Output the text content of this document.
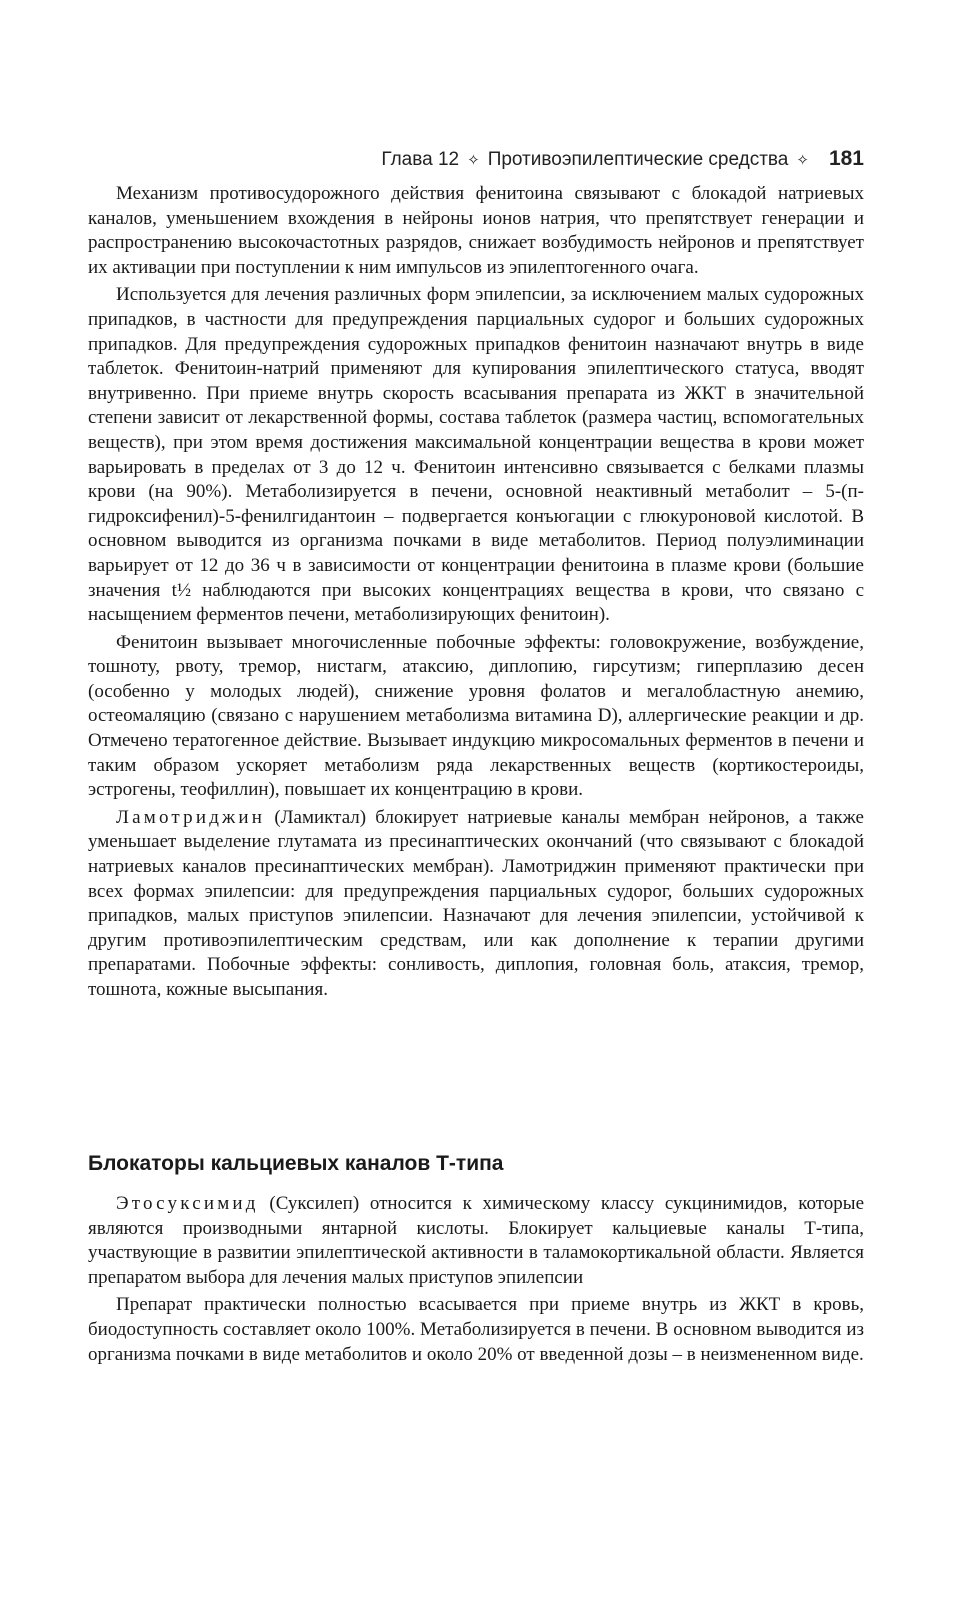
Глава 12 ✧ Противоэпилептические средства ✧ 181

Механизм противосудорожного действия фенитоина связывают с блокадой натриевых каналов, уменьшением вхождения в нейроны ионов натрия, что препятствует генерации и распространению высокочастотных разрядов, снижает возбудимость нейронов и препятствует их активации при поступлении к ним импульсов из эпилептогенного очага.

Используется для лечения различных форм эпилепсии, за исключением малых судорожных припадков, в частности для предупреждения парциальных судорог и больших судорожных припадков. Для предупреждения судорожных припадков фенитоин назначают внутрь в виде таблеток. Фенитоин-натрий применяют для купирования эпилептического статуса, вводят внутривенно. При приеме внутрь скорость всасывания препарата из ЖКТ в значительной степени зависит от лекарственной формы, состава таблеток (размера частиц, вспомогательных веществ), при этом время достижения максимальной концентрации вещества в крови может варьировать в пределах от 3 до 12 ч. Фенитоин интенсивно связывается с белками плазмы крови (на 90%). Метаболизируется в печени, основной неактивный метаболит – 5-(п-гидроксифенил)-5-фенилгидантоин – подвергается конъюгации с глюкуроновой кислотой. В основном выводится из организма почками в виде метаболитов. Период полуэлиминации варьирует от 12 до 36 ч в зависимости от концентрации фенитоина в плазме крови (большие значения t½ наблюдаются при высоких концентрациях вещества в крови, что связано с насыщением ферментов печени, метаболизирующих фенитоин).

Фенитоин вызывает многочисленные побочные эффекты: головокружение, возбуждение, тошноту, рвоту, тремор, нистагм, атаксию, диплопию, гирсутизм; гиперплазию десен (особенно у молодых людей), снижение уровня фолатов и мегалобластную анемию, остеомаляцию (связано с нарушением метаболизма витамина D), аллергические реакции и др. Отмечено тератогенное действие. Вызывает индукцию микросомальных ферментов в печени и таким образом ускоряет метаболизм ряда лекарственных веществ (кортикостероиды, эстрогены, теофиллин), повышает их концентрацию в крови.

Ламотриджин (Ламиктал) блокирует натриевые каналы мембран нейронов, а также уменьшает выделение глутамата из пресинаптических окончаний (что связывают с блокадой натриевых каналов пресинаптических мембран). Ламотриджин применяют практически при всех формах эпилепсии: для предупреждения парциальных судорог, больших судорожных припадков, малых приступов эпилепсии. Назначают для лечения эпилепсии, устойчивой к другим противоэпилептическим средствам, или как дополнение к терапии другими препаратами. Побочные эффекты: сонливость, диплопия, головная боль, атаксия, тремор, тошнота, кожные высыпания.

Блокаторы кальциевых каналов Т-типа

Этосуксимид (Суксилеп) относится к химическому классу сукцинимидов, которые являются производными янтарной кислоты. Блокирует кальциевые каналы Т-типа, участвующие в развитии эпилептической активности в таламокортикальной области. Является препаратом выбора для лечения малых приступов эпилепсии

Препарат практически полностью всасывается при приеме внутрь из ЖКТ в кровь, биодоступность составляет около 100%. Метаболизируется в печени. В основном выводится из организма почками в виде метаболитов и около 20% от введенной дозы – в неизмененном виде.
